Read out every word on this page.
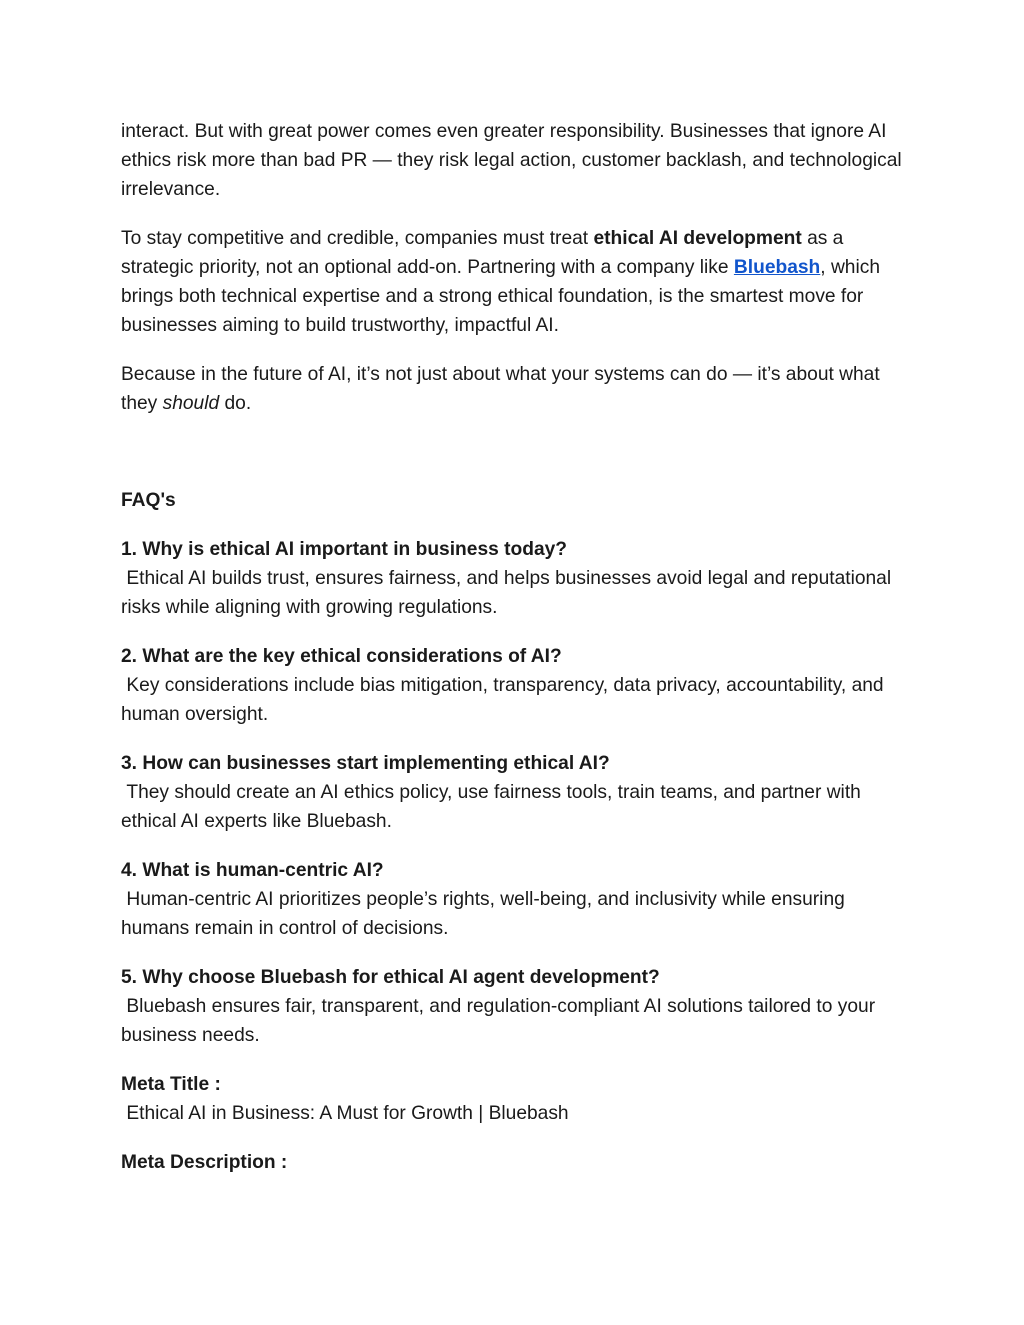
interact. But with great power comes even greater responsibility. Businesses that ignore AI ethics risk more than bad PR — they risk legal action, customer backlash, and technological irrelevance.

To stay competitive and credible, companies must treat ethical AI development as a strategic priority, not an optional add-on. Partnering with a company like Bluebash, which brings both technical expertise and a strong ethical foundation, is the smartest move for businesses aiming to build trustworthy, impactful AI.

Because in the future of AI, it’s not just about what your systems can do — it’s about what they should do.

FAQ's

1. Why is ethical AI important in business today?

Ethical AI builds trust, ensures fairness, and helps businesses avoid legal and reputational risks while aligning with growing regulations.

2. What are the key ethical considerations of AI?

Key considerations include bias mitigation, transparency, data privacy, accountability, and human oversight.

3. How can businesses start implementing ethical AI?

They should create an AI ethics policy, use fairness tools, train teams, and partner with ethical AI experts like Bluebash.

4. What is human-centric AI?

Human-centric AI prioritizes people’s rights, well-being, and inclusivity while ensuring humans remain in control of decisions.

5. Why choose Bluebash for ethical AI agent development?

Bluebash ensures fair, transparent, and regulation-compliant AI solutions tailored to your business needs.

Meta Title :

Ethical AI in Business: A Must for Growth | Bluebash

Meta Description :
